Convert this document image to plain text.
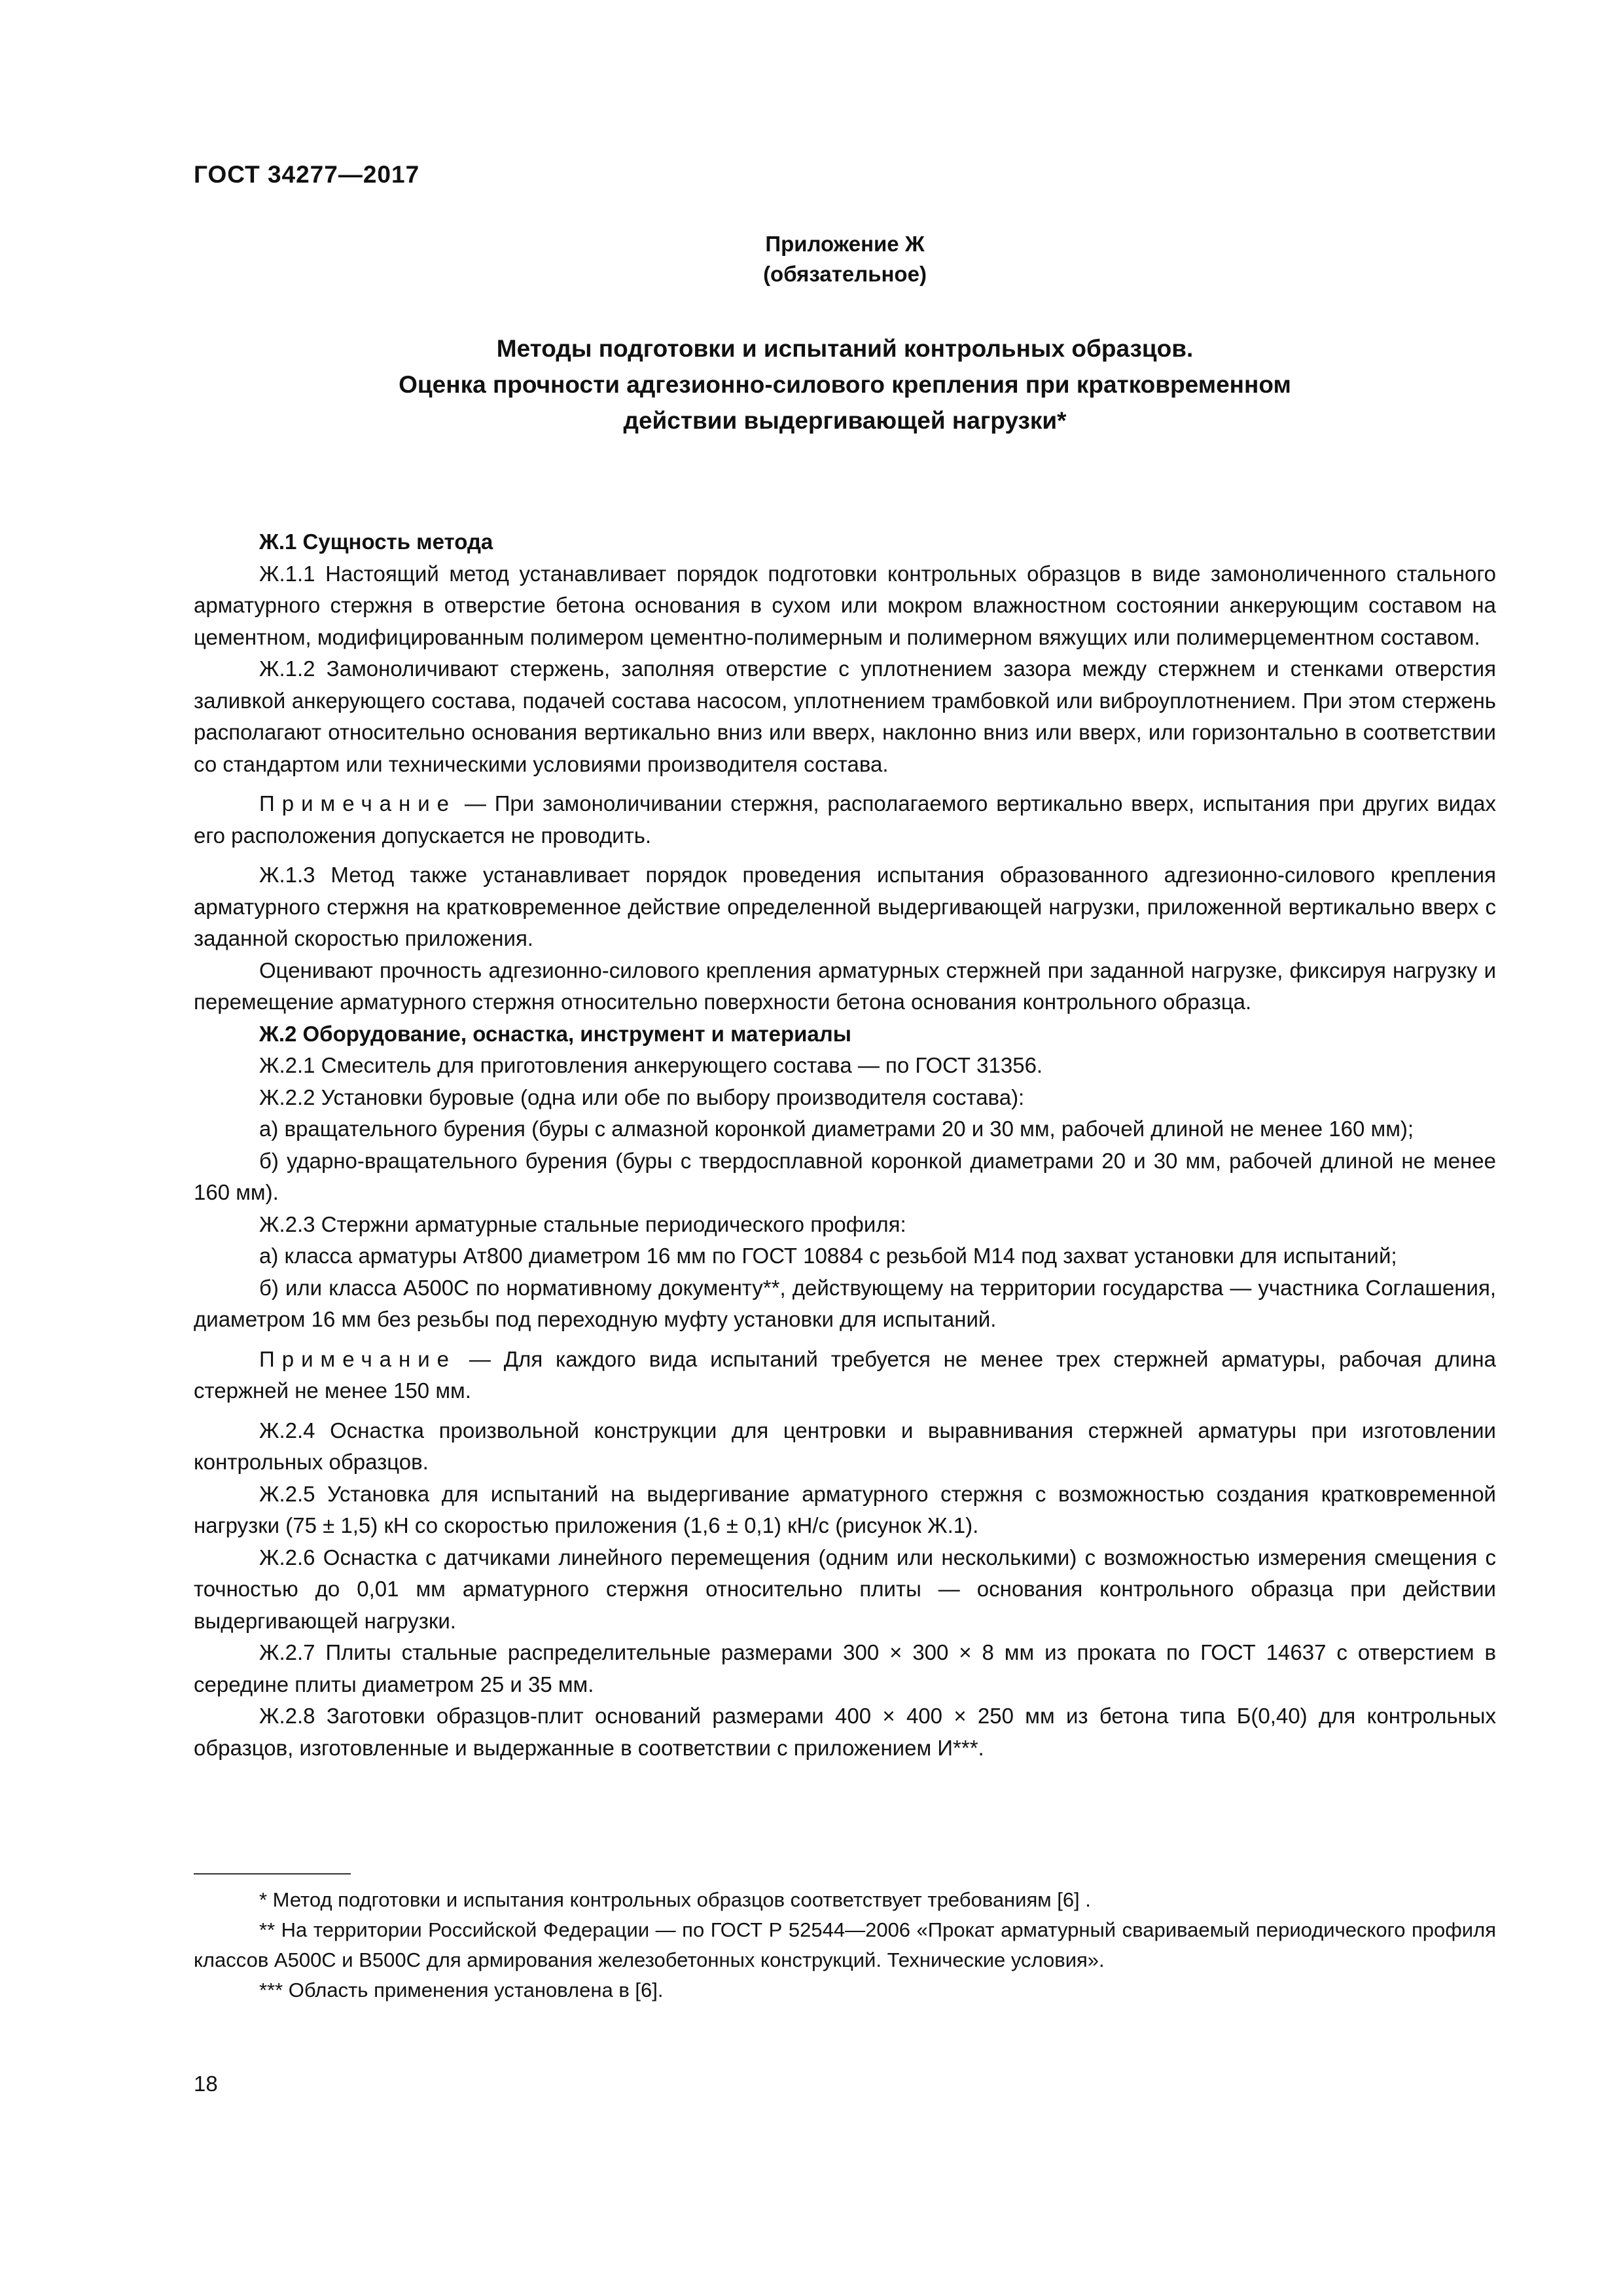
ГОСТ 34277—2017
Приложение Ж
(обязательное)
Методы подготовки и испытаний контрольных образцов.
Оценка прочности адгезионно-силового крепления при кратковременном
действии выдергивающей нагрузки*

Ж.1 Сущность метода

Ж.1.1 Настоящий метод устанавливает порядок подготовки контрольных образцов в виде замоноличенного стального арматурного стержня в отверстие бетона основания в сухом или мокром влажностном состоянии анкерующим составом на цементном, модифицированным полимером цементно-полимерным и полимерном вяжущих или полимерцементном составом.

Ж.1.2 Замоноличивают стержень, заполняя отверстие с уплотнением зазора между стержнем и стенками отверстия заливкой анкерующего состава, подачей состава насосом, уплотнением трамбовкой или виброуплотнением. При этом стержень располагают относительно основания вертикально вниз или вверх, наклонно вниз или вверх, или горизонтально в соответствии со стандартом или техническими условиями производителя состава.

Примечание — При замоноличивании стержня, располагаемого вертикально вверх, испытания при других видах его расположения допускается не проводить.

Ж.1.3 Метод также устанавливает порядок проведения испытания образованного адгезионно-силового крепления арматурного стержня на кратковременное действие определенной выдергивающей нагрузки, приложенной вертикально вверх с заданной скоростью приложения.

Оценивают прочность адгезионно-силового крепления арматурных стержней при заданной нагрузке, фиксируя нагрузку и перемещение арматурного стержня относительно поверхности бетона основания контрольного образца.

Ж.2 Оборудование, оснастка, инструмент и материалы

Ж.2.1 Смеситель для приготовления анкерующего состава — по ГОСТ 31356.

Ж.2.2 Установки буровые (одна или обе по выбору производителя состава):

а) вращательного бурения (буры с алмазной коронкой диаметрами 20 и 30 мм, рабочей длиной не менее 160 мм);

б) ударно-вращательного бурения (буры с твердосплавной коронкой диаметрами 20 и 30 мм, рабочей длиной не менее 160 мм).

Ж.2.3 Стержни арматурные стальные периодического профиля:

а) класса арматуры Ат800 диаметром 16 мм по ГОСТ 10884 с резьбой М14 под захват установки для испытаний;

б) или класса А500С по нормативному документу**, действующему на территории государства — участника Соглашения, диаметром 16 мм без резьбы под переходную муфту установки для испытаний.

Примечание — Для каждого вида испытаний требуется не менее трех стержней арматуры, рабочая длина стержней не менее 150 мм.

Ж.2.4 Оснастка произвольной конструкции для центровки и выравнивания стержней арматуры при изготовлении контрольных образцов.

Ж.2.5 Установка для испытаний на выдергивание арматурного стержня с возможностью создания кратковременной нагрузки (75 ± 1,5) кН со скоростью приложения (1,6 ± 0,1) кН/с (рисунок Ж.1).

Ж.2.6 Оснастка с датчиками линейного перемещения (одним или несколькими) с возможностью измерения смещения с точностью до 0,01 мм арматурного стержня относительно плиты — основания контрольного образца при действии выдергивающей нагрузки.

Ж.2.7 Плиты стальные распределительные размерами 300 × 300 × 8 мм из проката по ГОСТ 14637 с отверстием в середине плиты диаметром 25 и 35 мм.

Ж.2.8 Заготовки образцов-плит оснований размерами 400 × 400 × 250 мм из бетона типа Б(0,40) для контрольных образцов, изготовленные и выдержанные в соответствии с приложением И***.

* Метод подготовки и испытания контрольных образцов соответствует требованиям [6] .

** На территории Российской Федерации — по ГОСТ Р 52544—2006 «Прокат арматурный свариваемый периодического профиля классов А500С и В500С для армирования железобетонных конструкций. Технические условия».

*** Область применения установлена в [6].

18
